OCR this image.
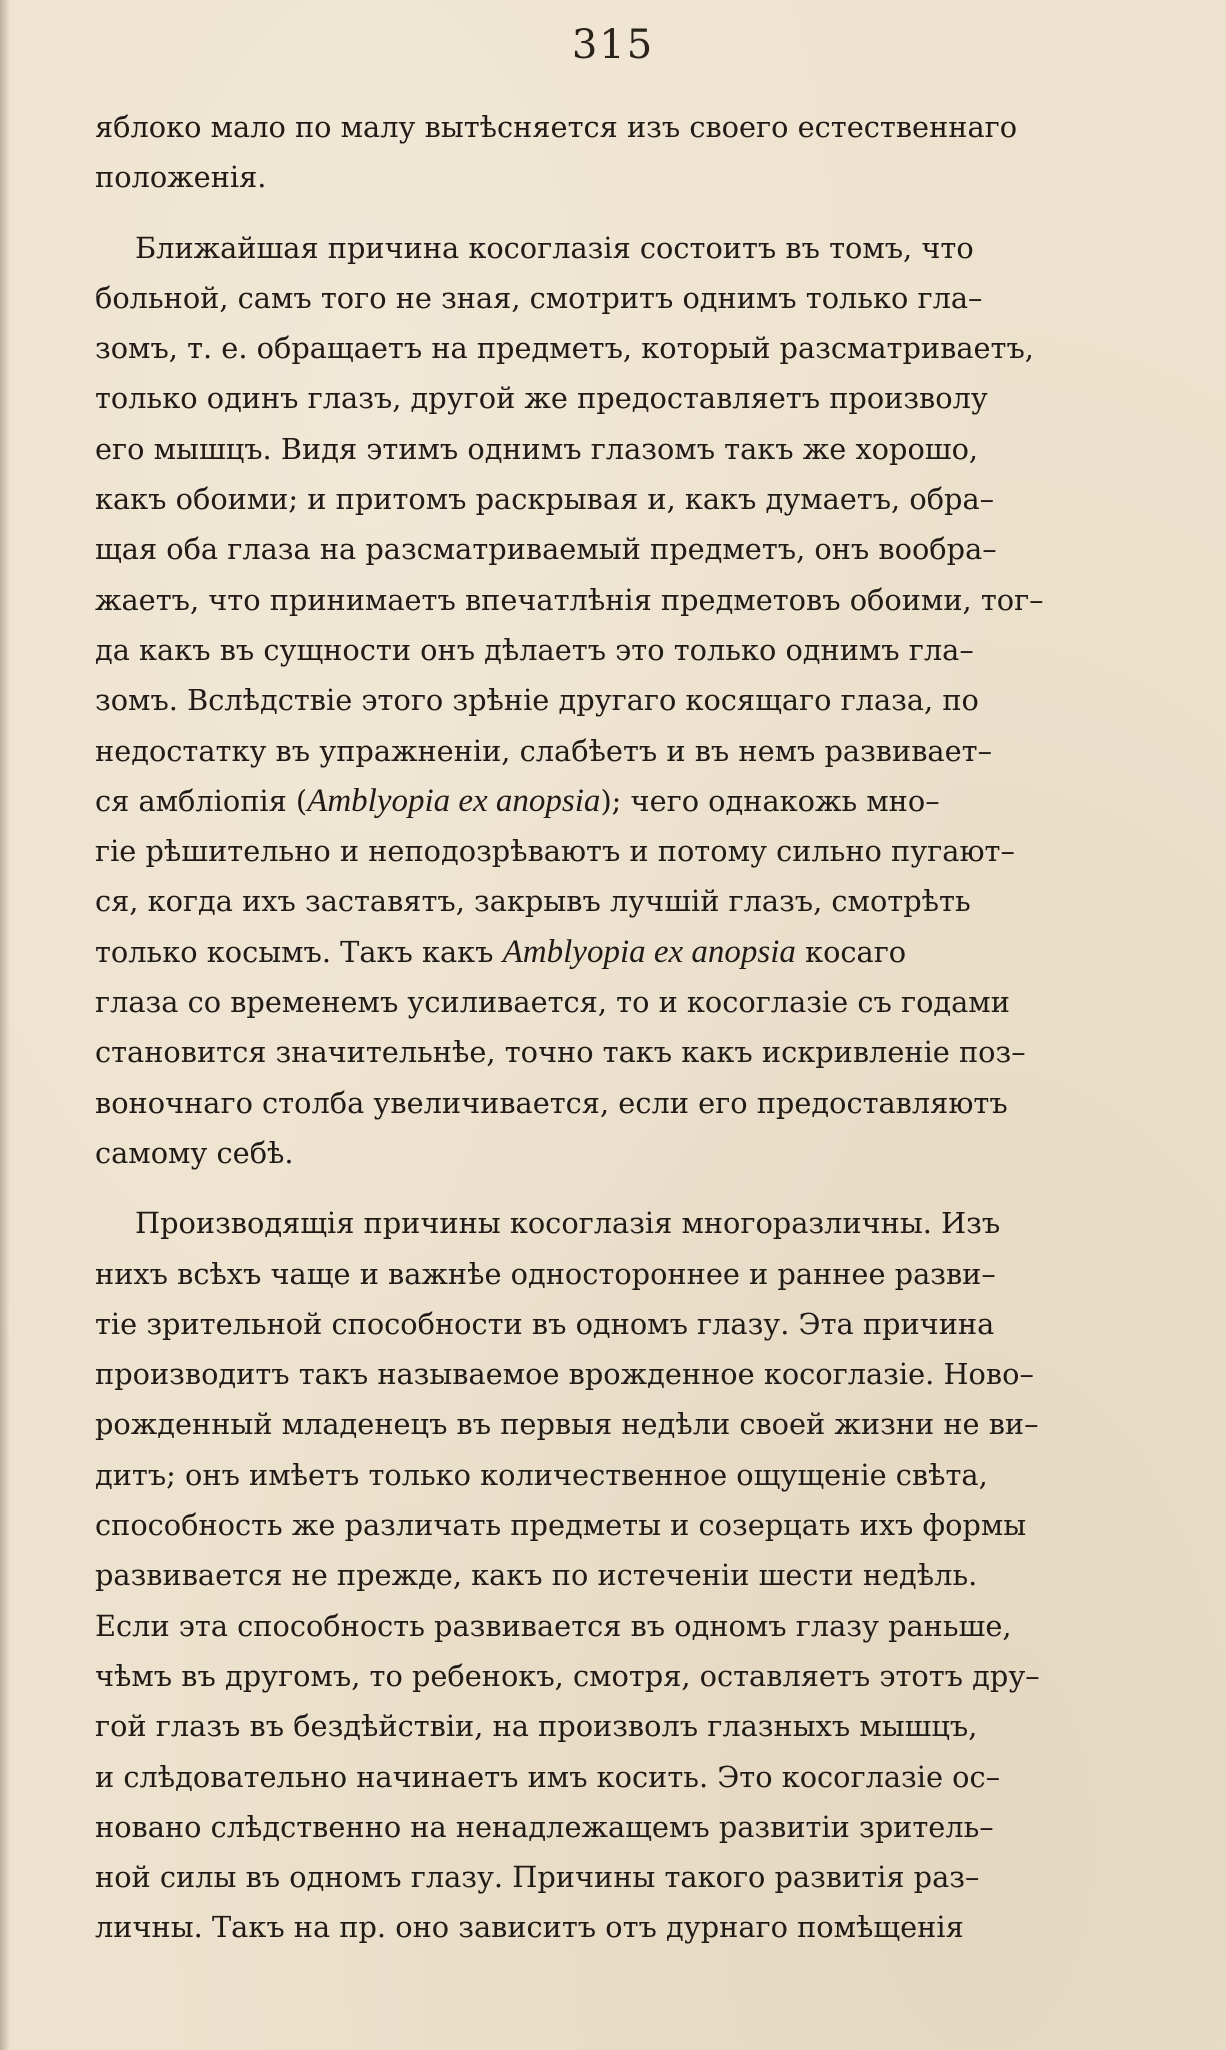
315
яблоко мало по малу вытѣсняется изъ своего естественнаго
положенія.
Ближайшая причина косоглазія состоитъ въ томъ, что
больной, самъ того не зная, смотритъ однимъ только гла–
зомъ, т. е. обращаетъ на предметъ, который разсматриваетъ,
только одинъ глазъ, другой же предоставляетъ произволу
его мышцъ. Видя этимъ однимъ глазомъ такъ же хорошо,
какъ обоими; и притомъ раскрывая и, какъ думаетъ, обра–
щая оба глаза на разсматриваемый предметъ, онъ вообра–
жаетъ, что принимаетъ впечатлѣнія предметовъ обоими, тог–
да какъ въ сущности онъ дѣлаетъ это только однимъ гла–
зомъ. Вслѣдствіе этого зрѣніе другаго косящаго глаза, по
недостатку въ упражненіи, слабѣетъ и въ немъ развивает–
ся амбліопія (Amblyopia ex anopsia); чего однакожь мно–
гіе рѣшительно и неподозрѣваютъ и потому сильно пугают–
ся, когда ихъ заставятъ, закрывъ лучшій глазъ, смотрѣть
только косымъ. Такъ какъ Amblyopia ex anopsia косаго
глаза со временемъ усиливается, то и косоглазіе съ годами
становится значительнѣе, точно такъ какъ искривленіе поз–
воночнаго столба увеличивается, если его предоставляютъ
самому себѣ.
Производящія причины косоглазія многоразличны. Изъ
нихъ всѣхъ чаще и важнѣе одностороннее и раннее разви–
тіе зрительной способности въ одномъ глазу. Эта причина
производитъ такъ называемое врожденное косоглазіе. Ново–
рожденный младенецъ въ первыя недѣли своей жизни не ви–
дитъ; онъ имѣетъ только количественное ощущеніе свѣта,
способность же различать предметы и созерцать ихъ формы
развивается не прежде, какъ по истеченіи шести недѣль.
Если эта способность развивается въ одномъ глазу раньше,
чѣмъ въ другомъ, то ребенокъ, смотря, оставляетъ этотъ дру–
гой глазъ въ бездѣйствіи, на произволъ глазныхъ мышцъ,
и слѣдовательно начинаетъ имъ косить. Это косоглазіе ос–
новано слѣдственно на ненадлежащемъ развитіи зритель–
ной силы въ одномъ глазу. Причины такого развитія раз–
личны. Такъ на пр. оно зависитъ отъ дурнаго помѣщенія
